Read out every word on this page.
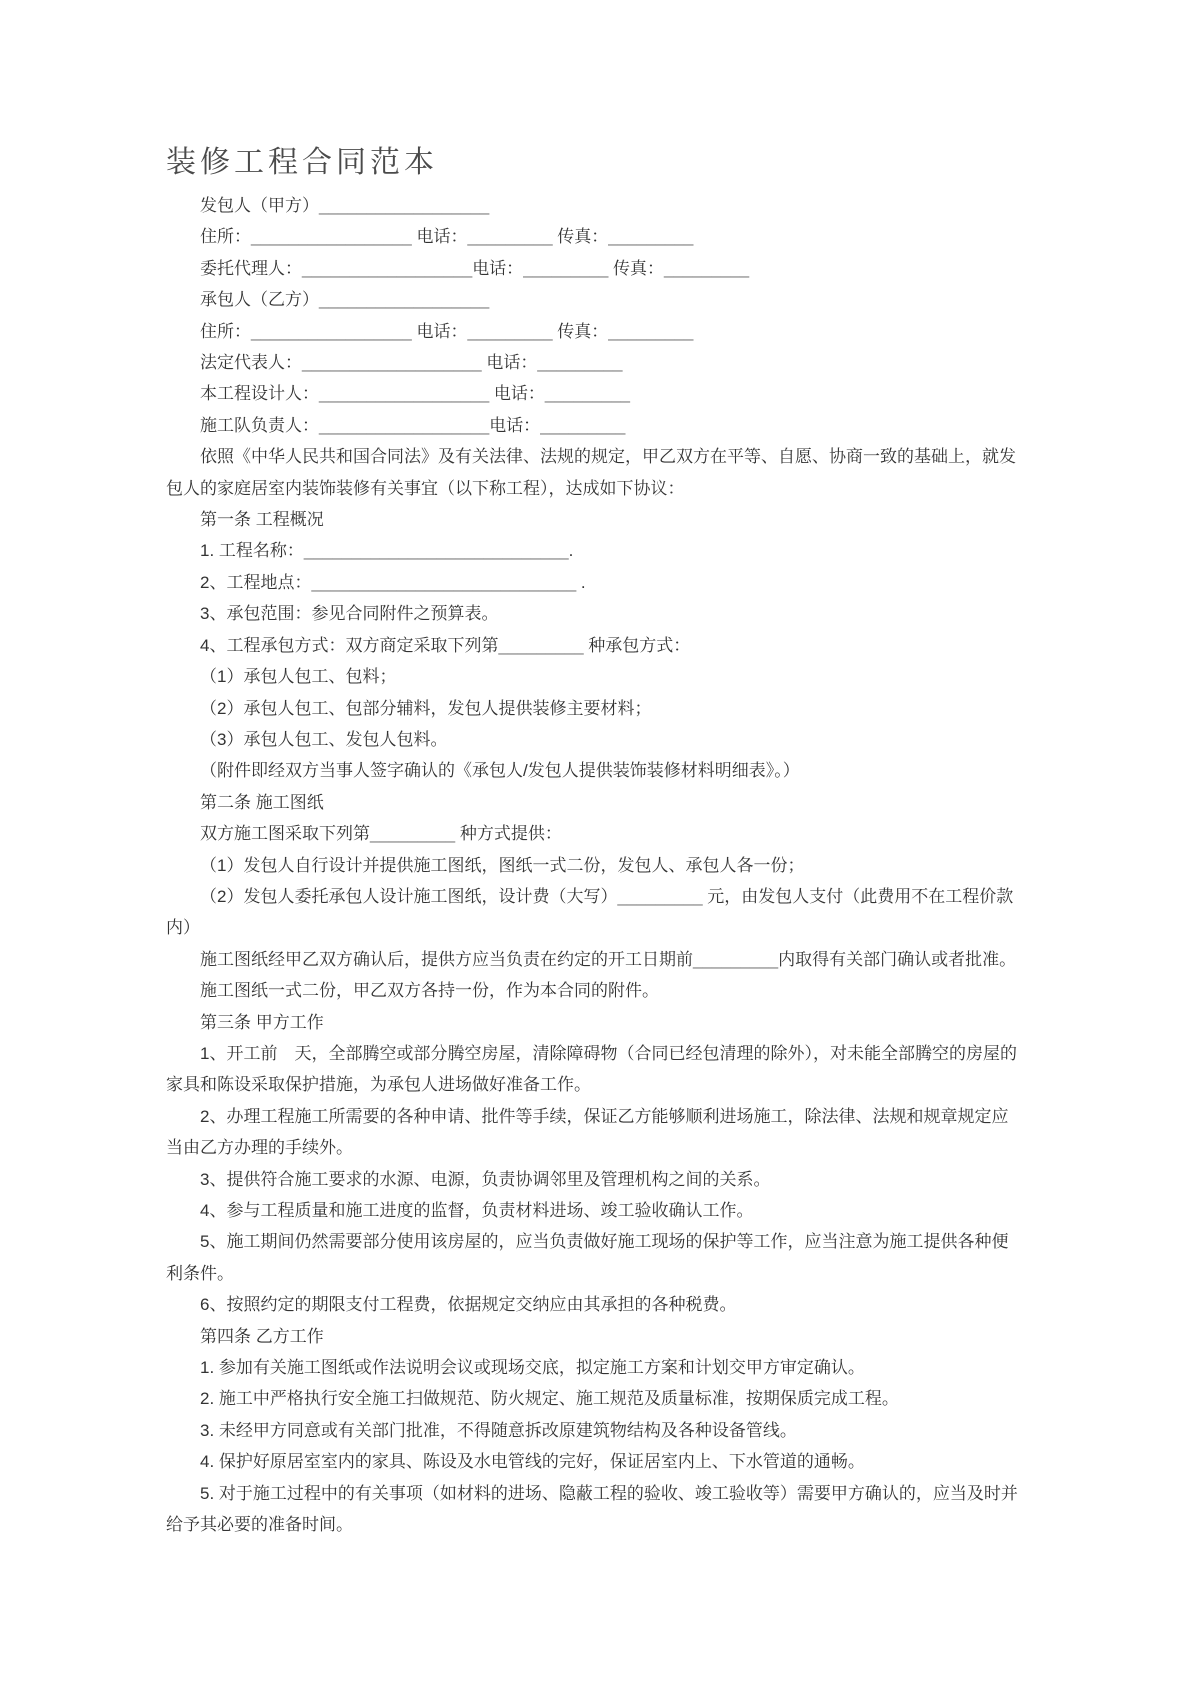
装修工程合同范本

发包人（甲方）__________________

住所：_________________ 电话：_________ 传真：_________

委托代理人：__________________电话：_________ 传真：_________

承包人（乙方）__________________

住所：_________________ 电话：_________ 传真：_________

法定代表人：___________________ 电话：_________

本工程设计人：__________________ 电话：_________

施工队负责人：__________________电话：_________

依照《中华人民共和国合同法》及有关法律、法规的规定，甲乙双方在平等、自愿、协商一致的基础上，就发包人的家庭居室内装饰装修有关事宜（以下称工程），达成如下协议：

第一条 工程概况

1. 工程名称：____________________________.

2、工程地点：____________________________ .

3、承包范围：参见合同附件之预算表。

4、工程承包方式：双方商定采取下列第_________ 种承包方式：

（1）承包人包工、包料；

（2）承包人包工、包部分辅料，发包人提供装修主要材料；

（3）承包人包工、发包人包料。

（附件即经双方当事人签字确认的《承包人/发包人提供装饰装修材料明细表》。）

第二条 施工图纸

双方施工图采取下列第_________ 种方式提供：

（1）发包人自行设计并提供施工图纸，图纸一式二份，发包人、承包人各一份；

（2）发包人委托承包人设计施工图纸，设计费（大写）_________ 元，由发包人支付（此费用不在工程价款内）

施工图纸经甲乙双方确认后，提供方应当负责在约定的开工日期前_________内取得有关部门确认或者批准。

施工图纸一式二份，甲乙双方各持一份，作为本合同的附件。

第三条 甲方工作

1、开工前　天，全部腾空或部分腾空房屋，清除障碍物（合同已经包清理的除外），对未能全部腾空的房屋的家具和陈设采取保护措施，为承包人进场做好准备工作。

2、办理工程施工所需要的各种申请、批件等手续，保证乙方能够顺利进场施工，除法律、法规和规章规定应当由乙方办理的手续外。

3、提供符合施工要求的水源、电源，负责协调邻里及管理机构之间的关系。

4、参与工程质量和施工进度的监督，负责材料进场、竣工验收确认工作。

5、施工期间仍然需要部分使用该房屋的，应当负责做好施工现场的保护等工作，应当注意为施工提供各种便利条件。

6、按照约定的期限支付工程费，依据规定交纳应由其承担的各种税费。

第四条 乙方工作

1. 参加有关施工图纸或作法说明会议或现场交底，拟定施工方案和计划交甲方审定确认。

2. 施工中严格执行安全施工扫做规范、防火规定、施工规范及质量标准，按期保质完成工程。

3. 未经甲方同意或有关部门批准，不得随意拆改原建筑物结构及各种设备管线。

4. 保护好原居室室内的家具、陈设及水电管线的完好，保证居室内上、下水管道的通畅。

5. 对于施工过程中的有关事项（如材料的进场、隐蔽工程的验收、竣工验收等）需要甲方确认的，应当及时并给予其必要的准备时间。
